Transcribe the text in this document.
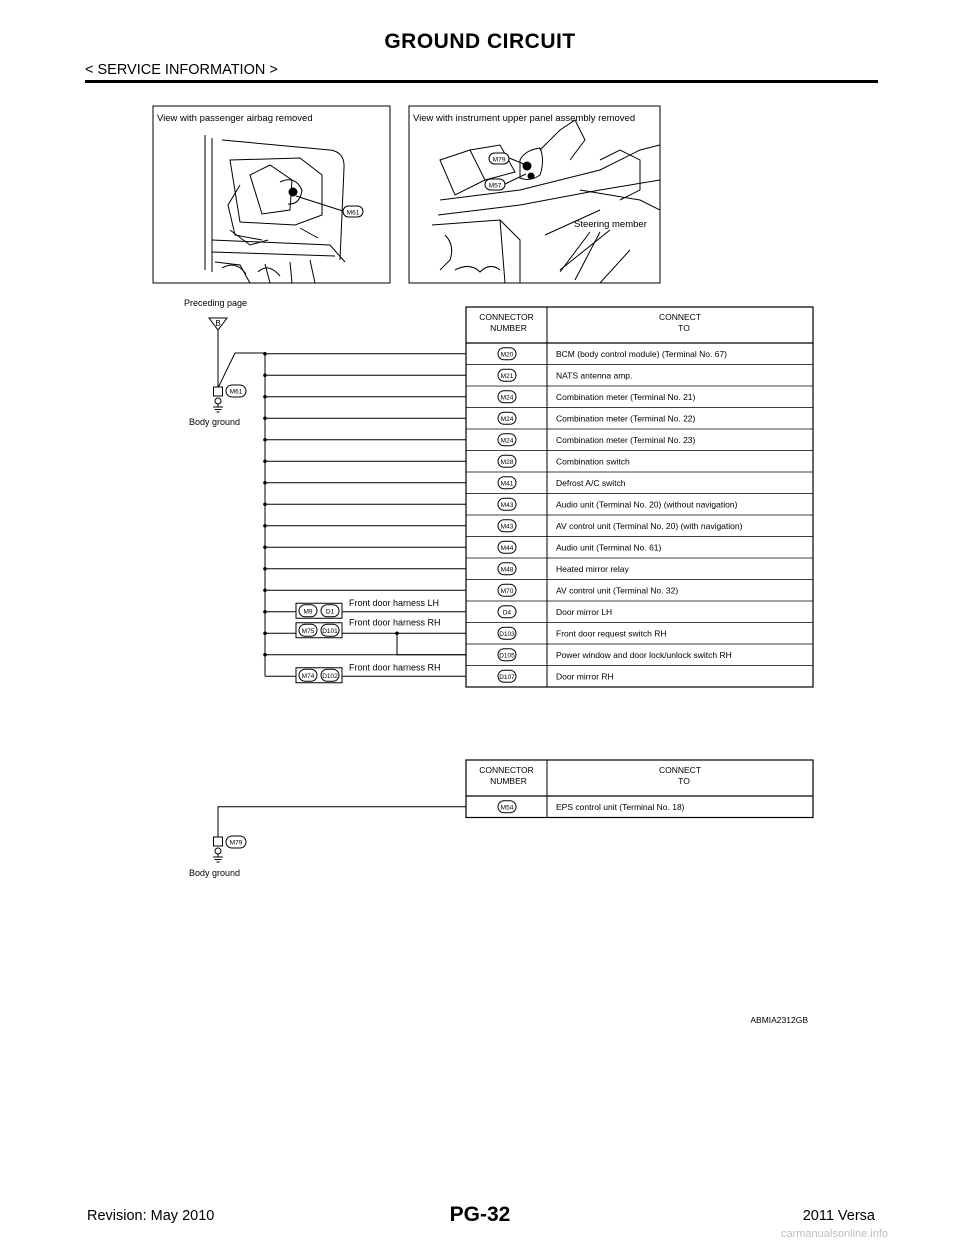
GROUND CIRCUIT
< SERVICE INFORMATION >
View with passenger airbag removed
M61
View with instrument upper panel assembly removed
M79
M57
Steering member
CONNECTOR
NUMBER
CONNECT
TO
M20	BCM (body control module) (Terminal No. 67)
M21	NATS antenna amp.
M24	Combination meter (Terminal No. 21)
M24	Combination meter (Terminal No. 22)
M24	Combination meter (Terminal No. 23)
M28	Combination switch
M41	Defrost A/C switch
M43	Audio unit (Terminal No. 20) (without navigation)
M43	AV control unit (Terminal No. 20) (with navigation)
M44	Audio unit (Terminal No. 61)
M48	Heated mirror relay
M70	AV control unit (Terminal No. 32)
D4	Door mirror LH
D103	Front door request switch RH
D105	Power window and door lock/unlock switch RH
D107	Door mirror RH
Preceding page
B
M61
Body ground
M9 D1
Front door harness LH
M75 D101
Front door harness RH
M74 D102
Front door harness RH
CONNECTOR
NUMBER
CONNECT
TO
M54	EPS control unit (Terminal No. 18)
M79
Body ground
ABMIA2312GB
Revision: May 2010	PG-32	2011 Versa
carmanualsonline.info
